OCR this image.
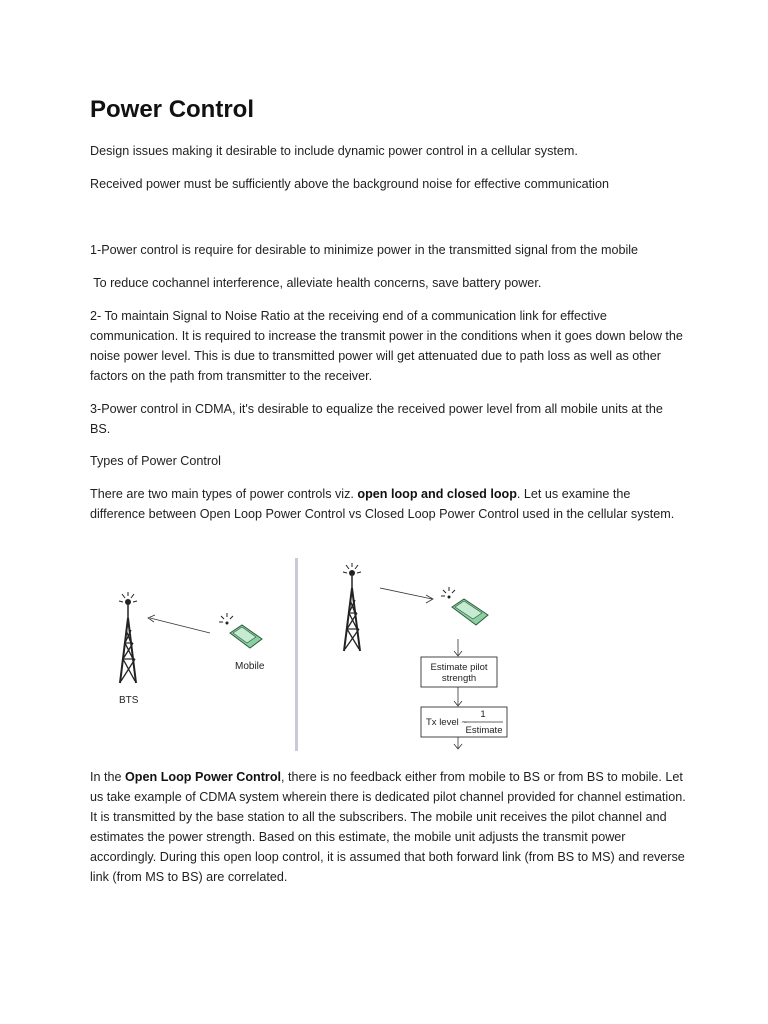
Power Control

Design issues making it desirable to include dynamic power control in a cellular system.

Received power must be sufficiently above the background noise for effective communication

1-Power control is require for desirable to minimize power in the transmitted signal from the mobile

To reduce cochannel interference, alleviate health concerns, save battery power.

2- To maintain Signal to Noise Ratio at the receiving end of a communication link for effective communication. It is required to increase the transmit power in the conditions when it goes down below the noise power level. This is due to transmitted power will get attenuated due to path loss as well as other factors on the path from transmitter to the receiver.

3-Power control in CDMA, it's desirable to equalize the received power level from all mobile units at the BS.

Types of Power Control

There are two main types of power controls viz. open loop and closed loop. Let us examine the difference between Open Loop Power Control vs Closed Loop Power Control used in the cellular system.

BTS
Mobile	Estimate pilot
strength
Tx level ~
1
Estimate

In the Open Loop Power Control, there is no feedback either from mobile to BS or from BS to mobile. Let us take example of CDMA system wherein there is dedicated pilot channel provided for channel estimation. It is transmitted by the base station to all the subscribers. The mobile unit receives the pilot channel and estimates the power strength. Based on this estimate, the mobile unit adjusts the transmit power accordingly. During this open loop control, it is assumed that both forward link (from BS to MS) and reverse link (from MS to BS) are correlated.
